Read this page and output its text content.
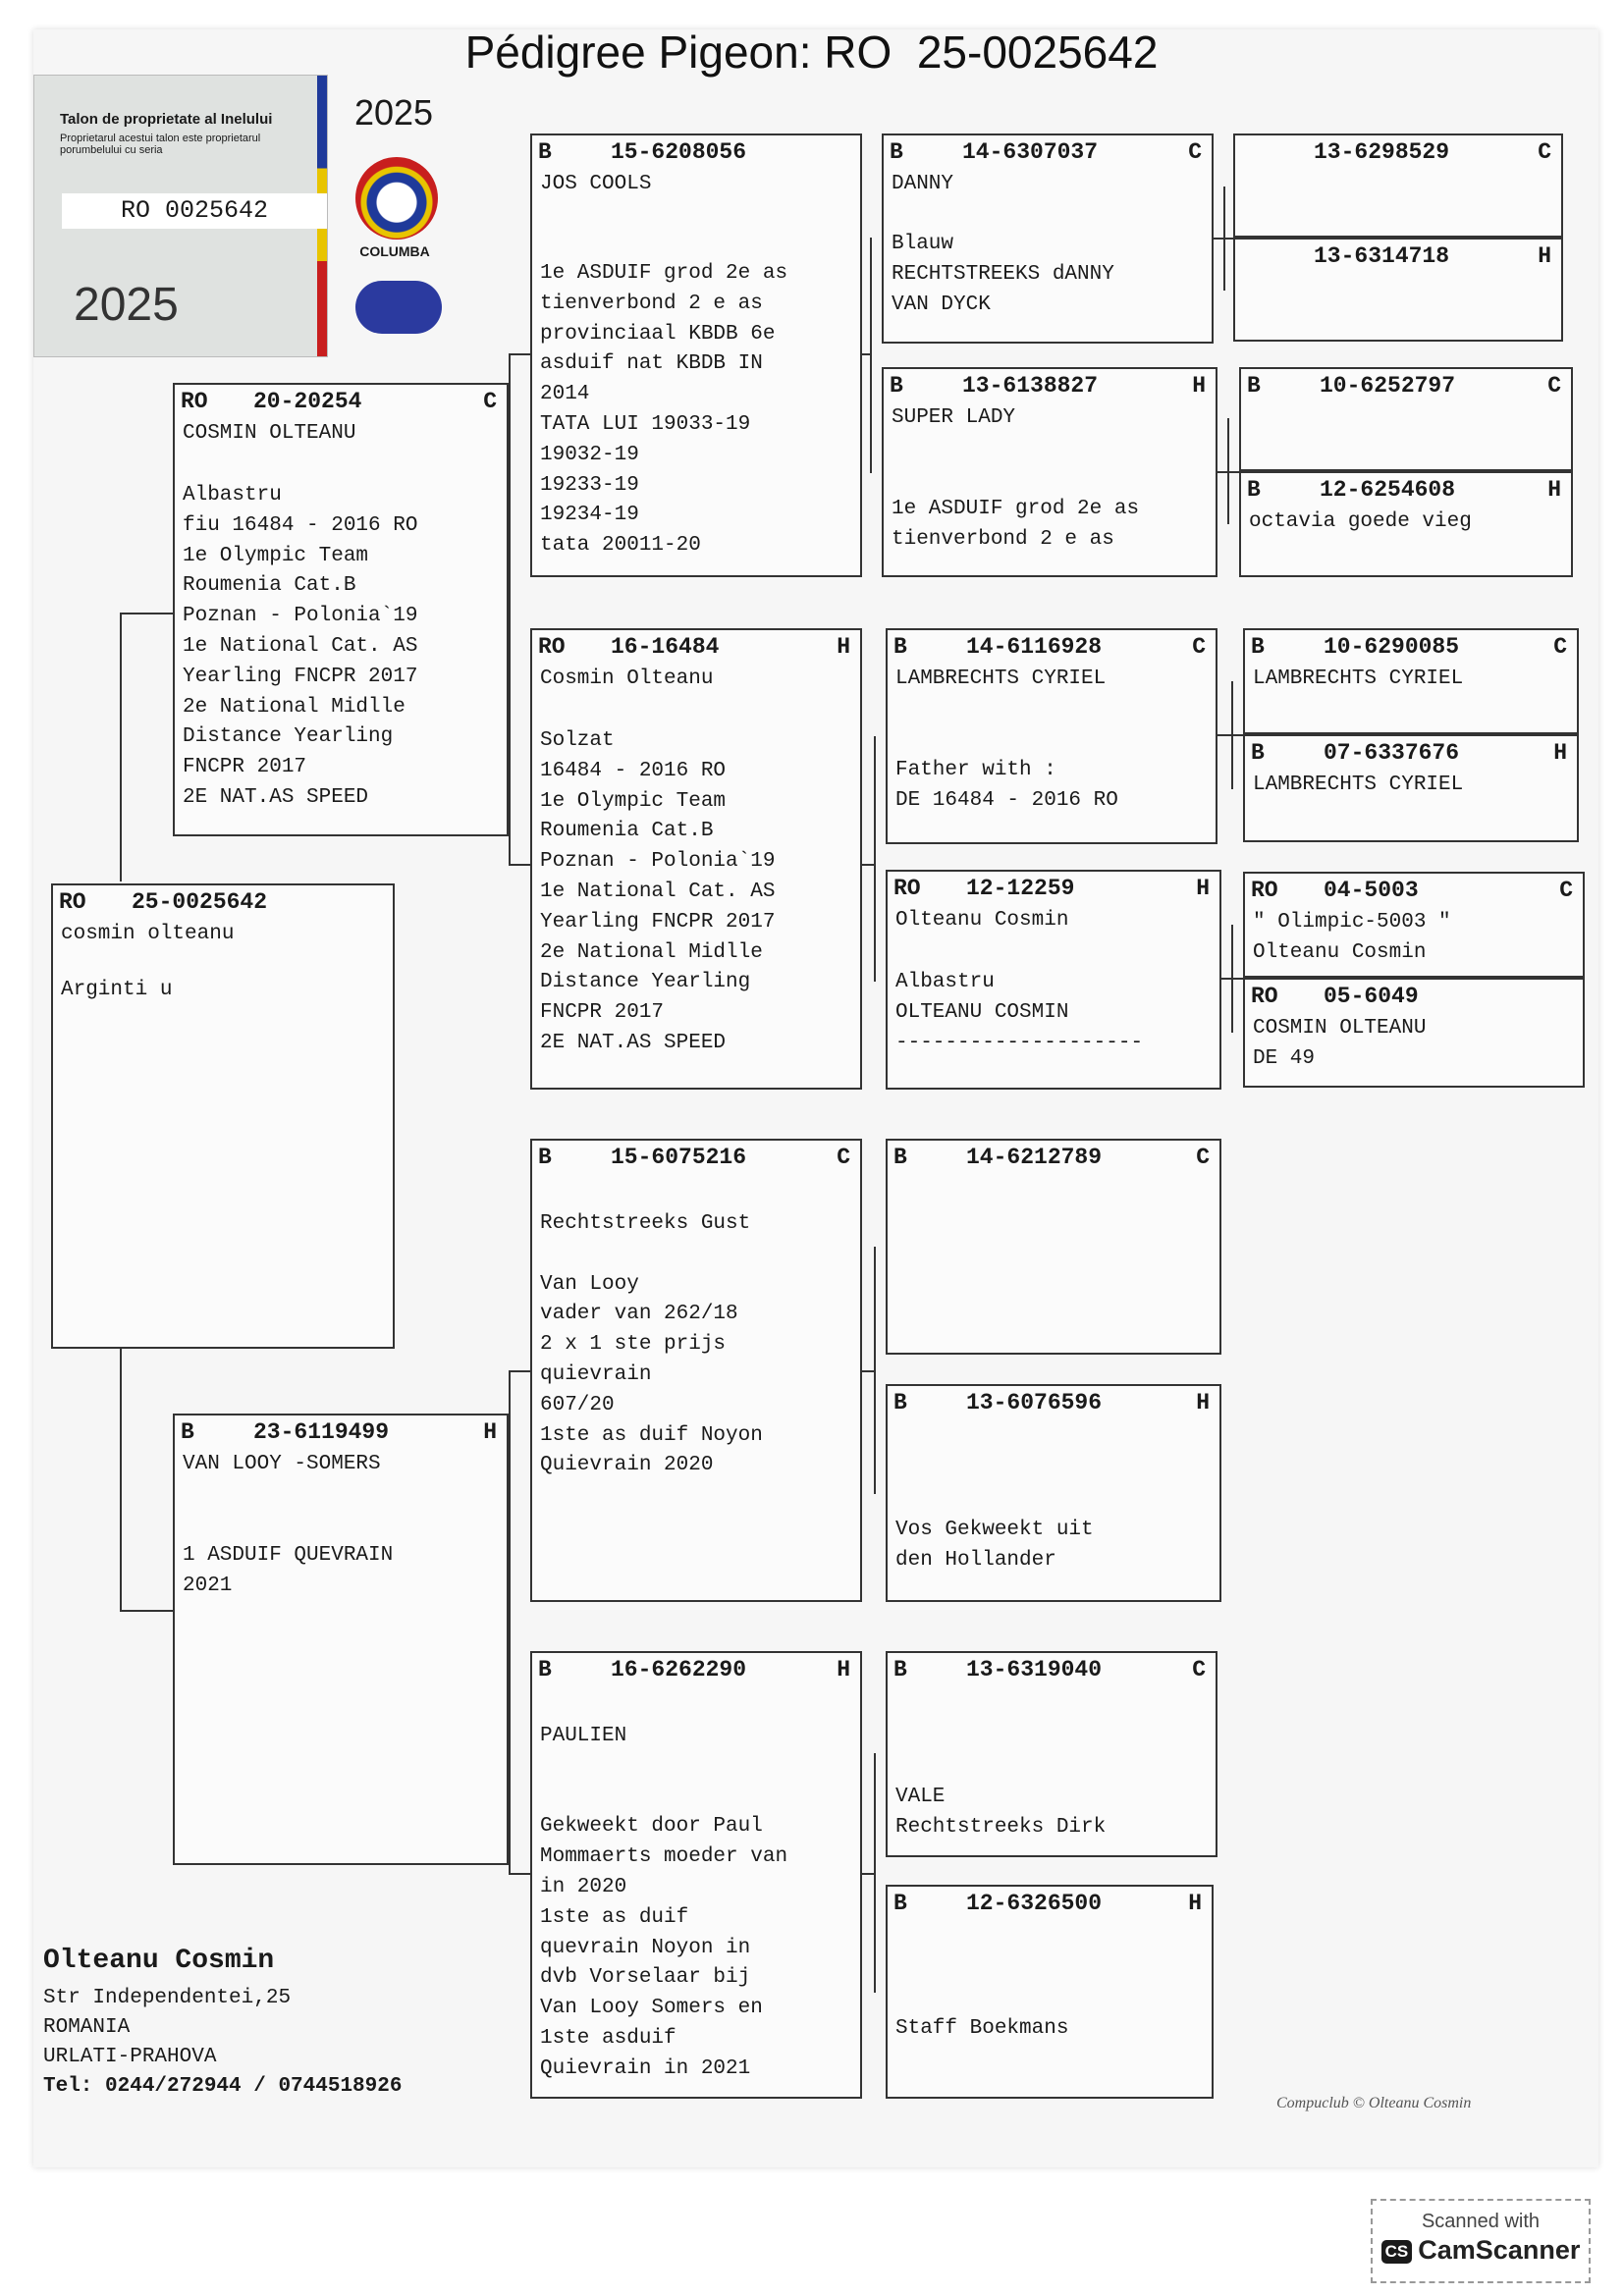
Pédigree Pigeon: RO  25-0025642
Talon de proprietate al Inelului
Proprietarul acestui talon este proprietarul porumbelului cu seria
RO 0025642
2025
2025
COLUMBA
RO 25-0025642
cosmin olteanu
Arginti u
RO 20-20254	C
COSMIN OLTEANU
Albastru
fiu 16484 - 2016 RO
1e Olympic Team
Roumenia Cat.B
Poznan - Polonia`19
1e National Cat. AS
Yearling FNCPR 2017
2e National Midlle
Distance Yearling
FNCPR 2017
2E NAT.AS SPEED
B	23-6119499	H
VAN LOOY -SOMERS
1 ASDUIF QUEVRAIN
2021
B	15-6208056
JOS COOLS
1e ASDUIF grod 2e as
tienverbond 2 e as
provinciaal KBDB 6e
asduif nat KBDB IN
2014
TATA LUI 19033-19
19032-19
19233-19
19234-19
tata 20011-20
RO 16-16484	H
Cosmin Olteanu
Solzat
16484 - 2016 RO
1e Olympic Team
Roumenia Cat.B
Poznan - Polonia`19
1e National Cat. AS
Yearling FNCPR 2017
2e National Midlle
Distance Yearling
FNCPR 2017
2E NAT.AS SPEED
B	15-6075216	C
Rechtstreeks Gust

Van Looy
vader van 262/18
2 x 1 ste prijs
quievrain
607/20
1ste as duif Noyon
Quievrain 2020
B	16-6262290	H
PAULIEN

Gekweekt door Paul
Mommaerts moeder van
in 2020
1ste as duif
quevrain Noyon in
dvb Vorselaar bij
Van Looy Somers en
1ste asduif
Quievrain in 2021
B	14-6307037	C
DANNY
Blauw
RECHTSTREEKS dANNY
VAN DYCK
B	13-6138827	H
SUPER LADY
1e ASDUIF grod 2e as
tienverbond 2 e as
B	14-6116928	C
LAMBRECHTS CYRIEL
Father with :
DE 16484 - 2016 RO
RO 12-12259	H
Olteanu Cosmin
Albastru
OLTEANU COSMIN
--------------------
B	14-6212789	C
B	13-6076596	H
Vos Gekweekt uit
den Hollander
B	13-6319040	C
VALE
Rechtstreeks Dirk
B	12-6326500	H
Staff Boekmans
13-6298529	C
13-6314718	H
B	10-6252797	C
B	12-6254608	H
octavia goede vieg
B	10-6290085	C
LAMBRECHTS CYRIEL
B	07-6337676	H
LAMBRECHTS CYRIEL
RO 04-5003	C
" Olimpic-5003 "
Olteanu Cosmin
RO 05-6049
COSMIN OLTEANU
DE 49
Olteanu Cosmin
Str Independentei,25
ROMANIA
URLATI-PRAHOVA
Tel: 0244/272944 / 0744518926
Compuclub © Olteanu Cosmin
Scanned with
CS CamScanner
